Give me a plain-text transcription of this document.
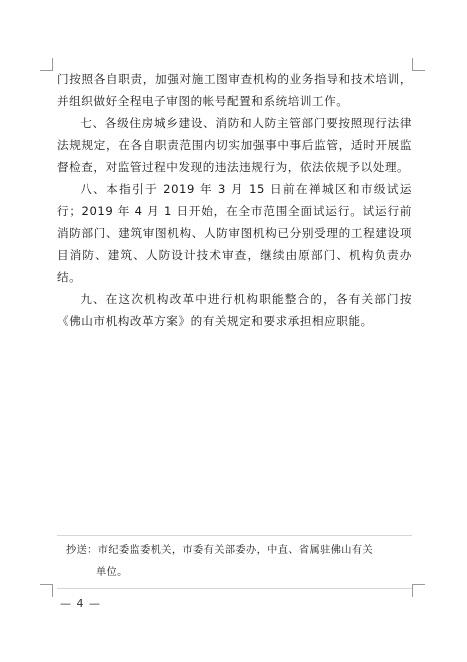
门按照各自职责，加强对施工图审查机构的业务指导和技术培训，并组织做好全程电子审图的帐号配置和系统培训工作。

七、各级住房城乡建设、消防和人防主管部门要按照现行法律法规规定，在各自职责范围内切实加强事中事后监管，适时开展监督检查，对监管过程中发现的违法违规行为，依法依规予以处理。

八、本指引于 2019 年 3 月 15 日前在禅城区和市级试运行；2019 年 4 月 1 日开始，在全市范围全面试运行。试运行前消防部门、建筑审图机构、人防审图机构已分别受理的工程建设项目消防、建筑、人防设计技术审查，继续由原部门、机构负责办结。

九、在这次机构改革中进行机构职能整合的，各有关部门按《佛山市机构改革方案》的有关规定和要求承担相应职能。

抄送：市纪委监委机关，市委有关部委办，中直、省属驻佛山有关
单位。
— 4 —
